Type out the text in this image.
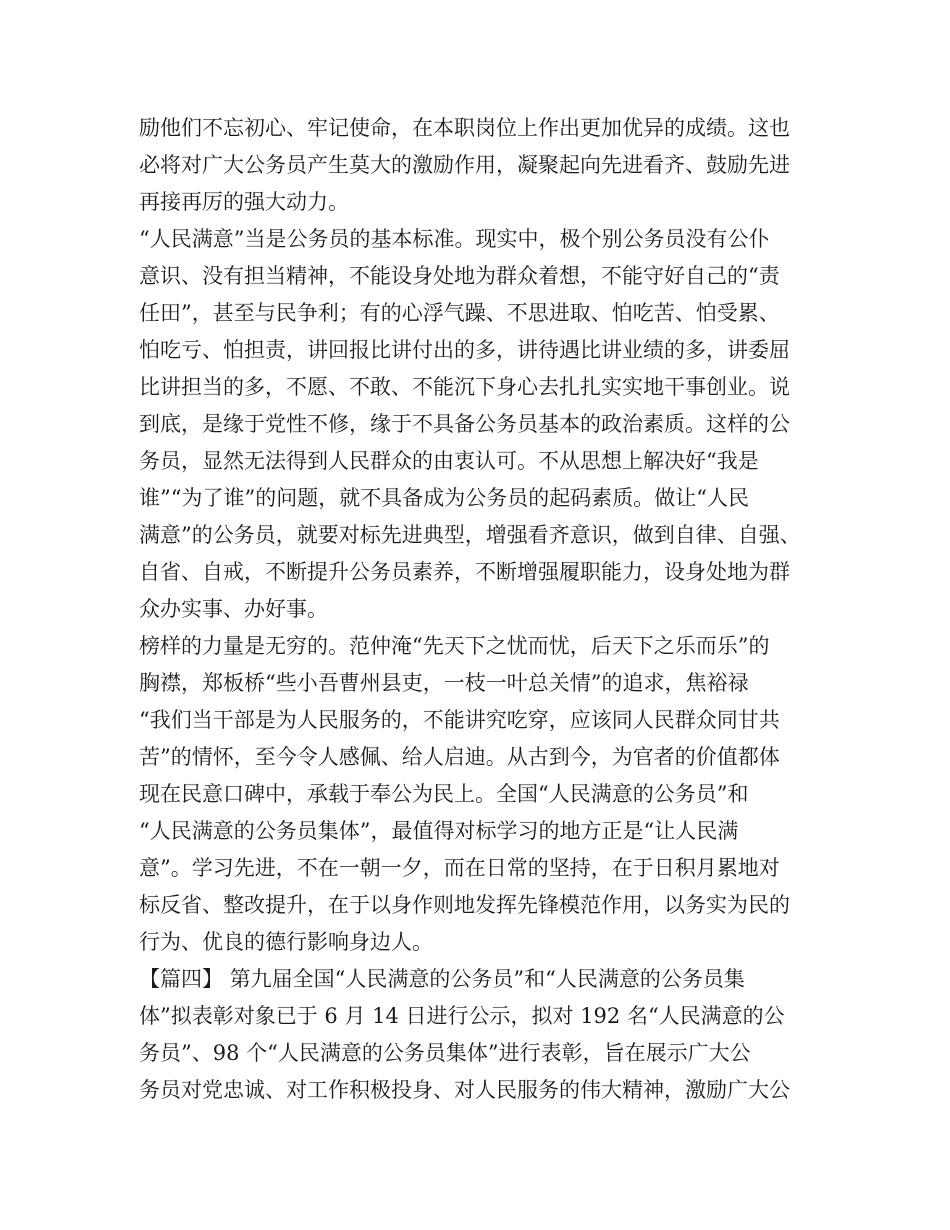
励他们不忘初心、牢记使命，在本职岗位上作出更加优异的成绩。这也
必将对广大公务员产生莫大的激励作用，凝聚起向先进看齐、鼓励先进
再接再厉的强大动力。
“人民满意”当是公务员的基本标准。现实中，极个别公务员没有公仆
意识、没有担当精神，不能设身处地为群众着想，不能守好自己的“责
任田”，甚至与民争利；有的心浮气躁、不思进取、怕吃苦、怕受累、
怕吃亏、怕担责，讲回报比讲付出的多，讲待遇比讲业绩的多，讲委屈
比讲担当的多，不愿、不敢、不能沉下身心去扎扎实实地干事创业。说
到底，是缘于党性不修，缘于不具备公务员基本的政治素质。这样的公
务员，显然无法得到人民群众的由衷认可。不从思想上解决好“我是
谁”“为了谁”的问题，就不具备成为公务员的起码素质。做让“人民
满意”的公务员，就要对标先进典型，增强看齐意识，做到自律、自强、
自省、自戒，不断提升公务员素养，不断增强履职能力，设身处地为群
众办实事、办好事。
榜样的力量是无穷的。范仲淹“先天下之忧而忧，后天下之乐而乐”的
胸襟，郑板桥“些小吾曹州县吏，一枝一叶总关情”的追求，焦裕禄
“我们当干部是为人民服务的，不能讲究吃穿，应该同人民群众同甘共
苦”的情怀，至今令人感佩、给人启迪。从古到今，为官者的价值都体
现在民意口碑中，承载于奉公为民上。全国“人民满意的公务员”和
“人民满意的公务员集体”，最值得对标学习的地方正是“让人民满
意”。学习先进，不在一朝一夕，而在日常的坚持，在于日积月累地对
标反省、整改提升，在于以身作则地发挥先锋模范作用，以务实为民的
行为、优良的德行影响身边人。
【篇四】 第九届全国“人民满意的公务员”和“人民满意的公务员集
体”拟表彰对象已于 6 月 14 日进行公示，拟对 192 名“人民满意的公
务员”、98 个“人民满意的公务员集体”进行表彰，旨在展示广大公
务员对党忠诚、对工作积极投身、对人民服务的伟大精神，激励广大公
